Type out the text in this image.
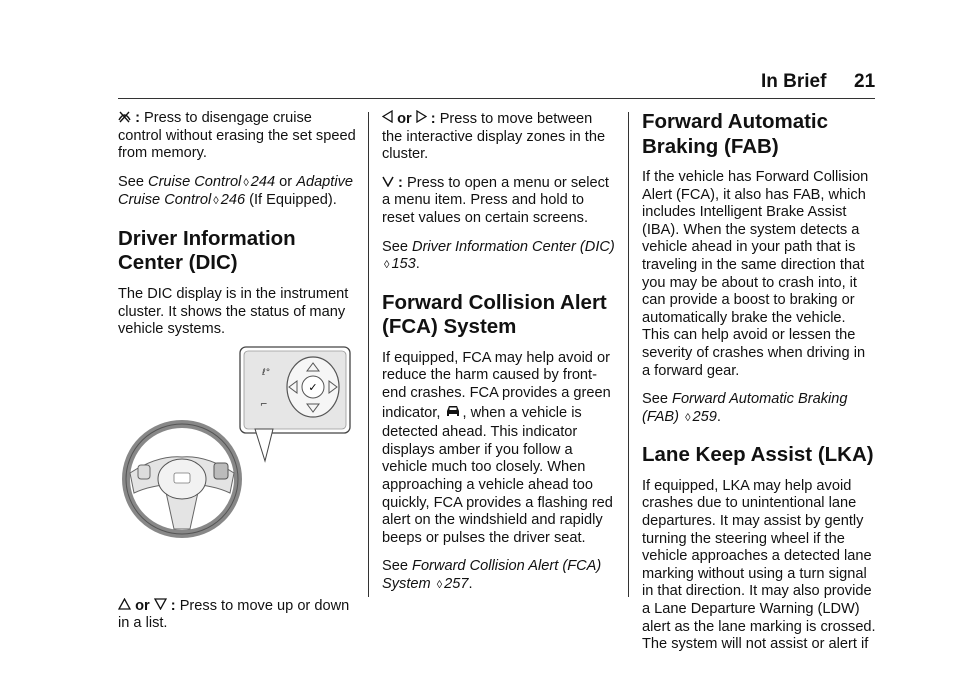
In Brief 21

: Press to disengage cruise control without erasing the set speed from memory.

See Cruise Control ◊ 244 or Adaptive Cruise Control ◊ 246 (If Equipped).

Driver Information Center (DIC)

The DIC display is in the instrument cluster. It shows the status of many vehicle systems.

or  : Press to move up or down in a list.

✓
ℓ°
⌐

or  : Press to move between the interactive display zones in the cluster.

: Press to open a menu or select a menu item. Press and hold to reset values on certain screens.

See Driver Information Center (DIC) ◊ 153.

Forward Collision Alert (FCA) System

If equipped, FCA may help avoid or reduce the harm caused by front-end crashes. FCA provides a green indicator, , when a vehicle is detected ahead. This indicator displays amber if you follow a vehicle much too closely. When approaching a vehicle ahead too quickly, FCA provides a flashing red alert on the windshield and rapidly beeps or pulses the driver seat.

See Forward Collision Alert (FCA) System ◊ 257.

Forward Automatic Braking (FAB)

If the vehicle has Forward Collision Alert (FCA), it also has FAB, which includes Intelligent Brake Assist (IBA). When the system detects a vehicle ahead in your path that is traveling in the same direction that you may be about to crash into, it can provide a boost to braking or automatically brake the vehicle. This can help avoid or lessen the severity of crashes when driving in a forward gear.

See Forward Automatic Braking (FAB) ◊ 259.

Lane Keep Assist (LKA)

If equipped, LKA may help avoid crashes due to unintentional lane departures. It may assist by gently turning the steering wheel if the vehicle approaches a detected lane marking without using a turn signal in that direction. It may also provide a Lane Departure Warning (LDW) alert as the lane marking is crossed. The system will not assist or alert if
